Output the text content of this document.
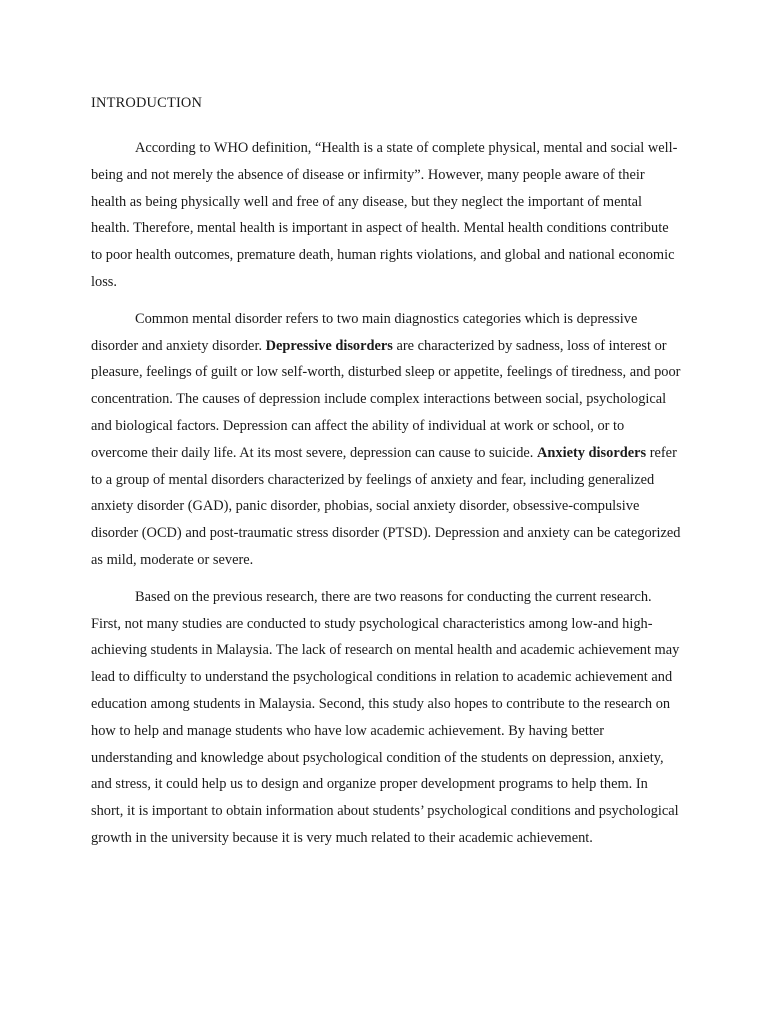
INTRODUCTION

According to WHO definition, “Health is a state of complete physical, mental and social well-being and not merely the absence of disease or infirmity”. However, many people aware of their health as being physically well and free of any disease, but they neglect the important of mental health. Therefore, mental health is important in aspect of health. Mental health conditions contribute to poor health outcomes, premature death, human rights violations, and global and national economic loss.

Common mental disorder refers to two main diagnostics categories which is depressive disorder and anxiety disorder. Depressive disorders are characterized by sadness, loss of interest or pleasure, feelings of guilt or low self-worth, disturbed sleep or appetite, feelings of tiredness, and poor concentration. The causes of depression include complex interactions between social, psychological and biological factors. Depression can affect the ability of individual at work or school, or to overcome their daily life. At its most severe, depression can cause to suicide. Anxiety disorders refer to a group of mental disorders characterized by feelings of anxiety and fear, including generalized anxiety disorder (GAD), panic disorder, phobias, social anxiety disorder, obsessive-compulsive disorder (OCD) and post-traumatic stress disorder (PTSD). Depression and anxiety can be categorized as mild, moderate or severe.

Based on the previous research, there are two reasons for conducting the current research. First, not many studies are conducted to study psychological characteristics among low-and high-achieving students in Malaysia. The lack of research on mental health and academic achievement may lead to difficulty to understand the psychological conditions in relation to academic achievement and education among students in Malaysia. Second, this study also hopes to contribute to the research on how to help and manage students who have low academic achievement. By having better understanding and knowledge about psychological condition of the students on depression, anxiety, and stress, it could help us to design and organize proper development programs to help them. In short, it is important to obtain information about students’ psychological conditions and psychological growth in the university because it is very much related to their academic achievement.
